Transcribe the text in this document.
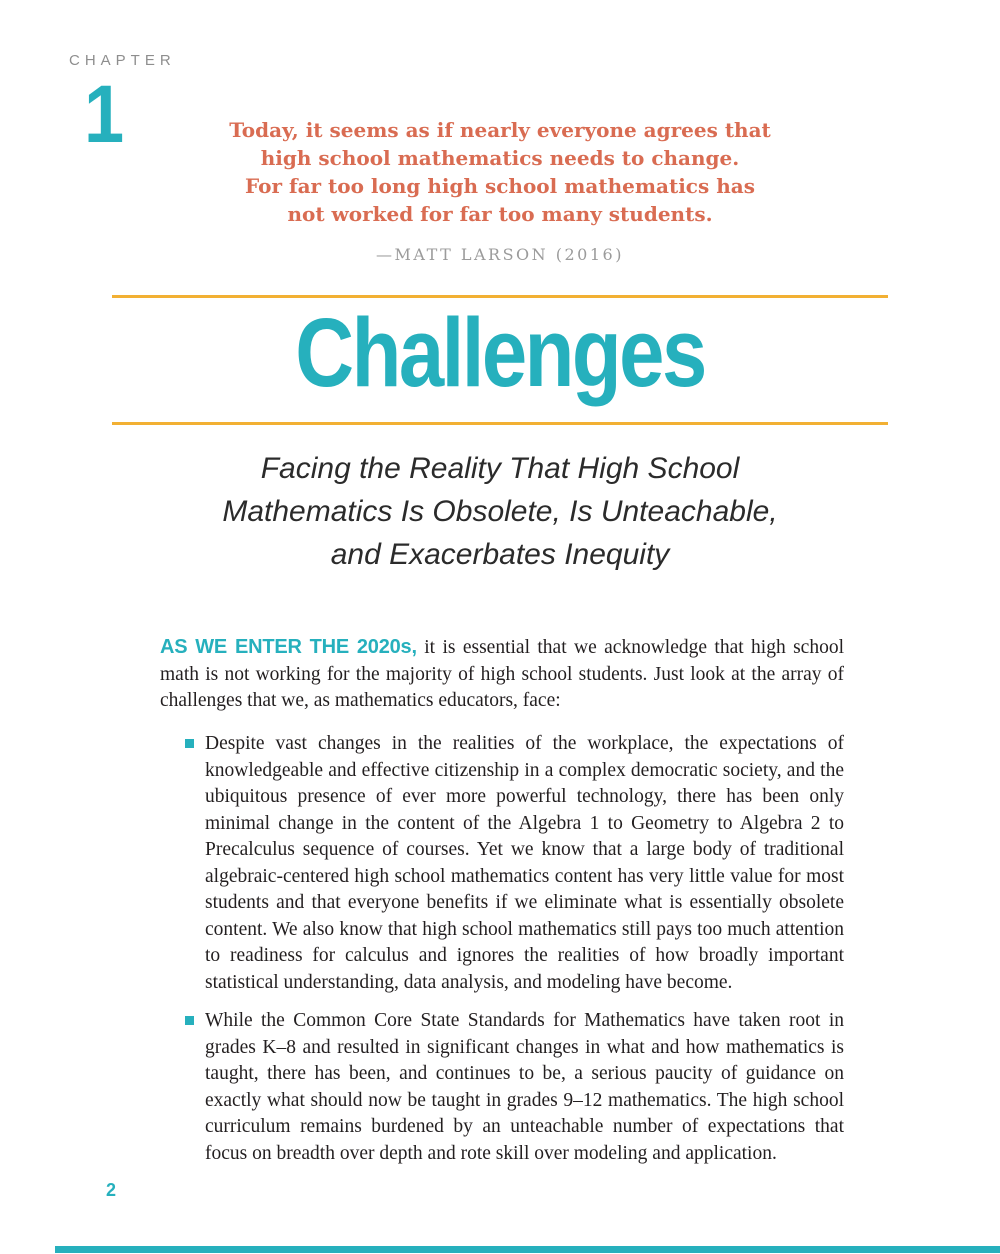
CHAPTER
1	Today, it seems as if nearly everyone agrees that
high school mathematics needs to change.
For far too long high school mathematics has
not worked for far too many students.
—MATT LARSON (2016)
Challenges
Facing the Reality That High School
Mathematics Is Obsolete, Is Unteachable,
and Exacerbates Inequity

AS WE ENTER THE 2020s, it is essential that we acknowledge that high school math is not working for the majority of high school students. Just look at the array of challenges that we, as mathematics educators, face:

Despite vast changes in the realities of the workplace, the expectations of knowledgeable and effective citizenship in a complex democratic society, and the ubiquitous presence of ever more powerful technology, there has been only minimal change in the content of the Algebra 1 to Geometry to Algebra 2 to Precalculus sequence of courses. Yet we know that a large body of traditional algebraic-centered high school mathematics content has very little value for most students and that everyone benefits if we eliminate what is essentially obsolete content. We also know that high school mathematics still pays too much attention to readiness for calculus and ignores the realities of how broadly important statistical understanding, data analysis, and modeling have become.
While the Common Core State Standards for Mathematics have taken root in grades K–8 and resulted in significant changes in what and how mathematics is taught, there has been, and continues to be, a serious paucity of guidance on exactly what should now be taught in grades 9–12 mathematics. The high school curriculum remains burdened by an unteachable number of expectations that focus on breadth over depth and rote skill over modeling and application.
2
